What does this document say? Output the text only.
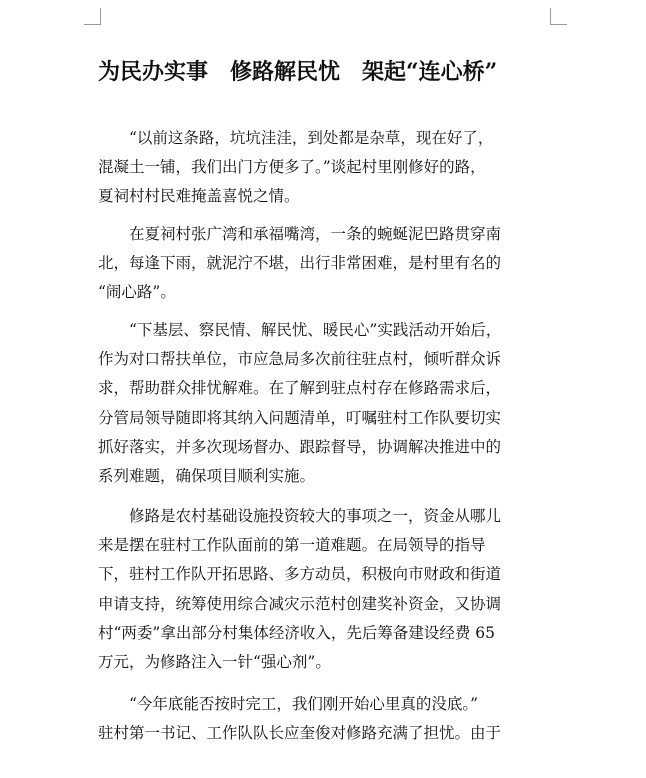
为民办实事　修路解民忧　架起“连心桥”

　　“以前这条路，坑坑洼洼，到处都是杂草，现在好了，
混凝土一铺，我们出门方便多了。”谈起村里刚修好的路，
夏祠村村民难掩盖喜悦之情。

　　在夏祠村张广湾和承福嘴湾，一条的蜿蜒泥巴路贯穿南
北，每逢下雨，就泥泞不堪，出行非常困难，是村里有名的
“闹心路”。

　　“下基层、察民情、解民忧、暖民心”实践活动开始后，
作为对口帮扶单位，市应急局多次前往驻点村，倾听群众诉
求，帮助群众排忧解难。在了解到驻点村存在修路需求后，
分管局领导随即将其纳入问题清单，叮嘱驻村工作队要切实
抓好落实，并多次现场督办、跟踪督导，协调解决推进中的
系列难题，确保项目顺利实施。

　　修路是农村基础设施投资较大的事项之一，资金从哪儿
来是摆在驻村工作队面前的第一道难题。在局领导的指导
下，驻村工作队开拓思路、多方动员，积极向市财政和街道
申请支持，统筹使用综合减灾示范村创建奖补资金，又协调
村“两委”拿出部分村集体经济收入，先后筹备建设经费 65
万元，为修路注入一针“强心剂”。

　　“今年底能否按时完工，我们刚开始心里真的没底。”
驻村第一书记、工作队队长应奎俊对修路充满了担忧。由于
